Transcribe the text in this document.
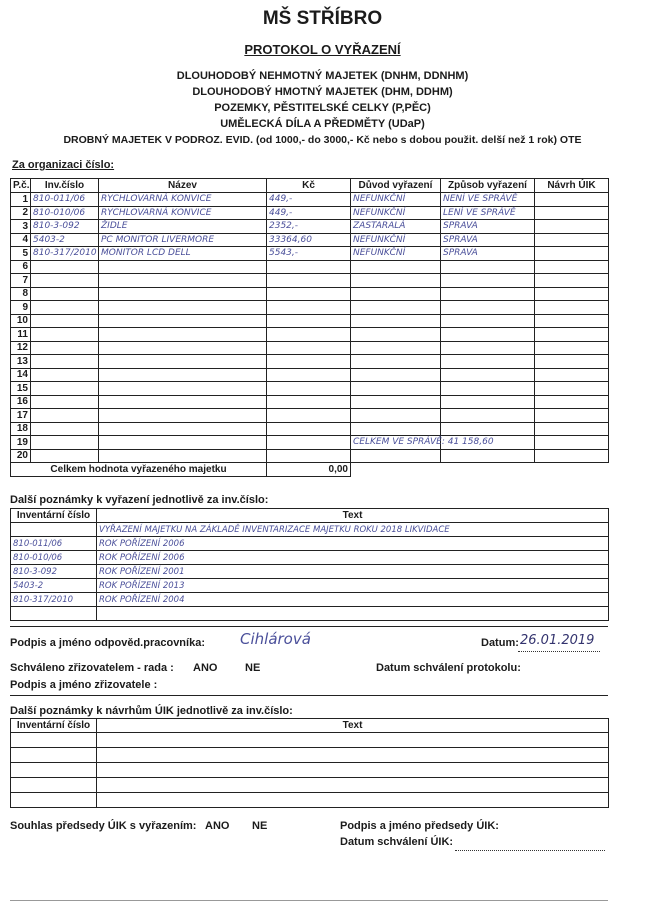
MŠ STŘÍBRO
PROTOKOL O VYŘAZENÍ
DLOUHODOBÝ NEHMOTNÝ MAJETEK (DNHM, DDNHM)
DLOUHODOBÝ HMOTNÝ MAJETEK (DHM, DDHM)
POZEMKY, PĚSTITELSKÉ CELKY (P,PĚC)
UMĚLECKÁ DÍLA A PŘEDMĚTY (UDaP)
DROBNÝ MAJETEK V PODROZ. EVID. (od 1000,- do 3000,- Kč nebo s dobou použit. delší než 1 rok) OTE
Za organizaci číslo:
P.č.	Inv.číslo	Název	Kč	Důvod vyřazení	Způsob vyřazení	Návrh ÚIK
1	810-011/06	RYCHLOVARNÁ KONVICE	449,-	NEFUNKČNÍ	NENÍ VE SPRÁVĚ	
2	810-010/06	RYCHLOVARNÁ KONVICE	449,-	NEFUNKČNÍ	LENÍ VE SPRÁVĚ	
3	810-3-092	ŽIDLE	2352,-	ZASTARALÁ	SPRAVA	
4	5403-2	PC MONITOR LIVERMORE	33364,60	NEFUNKČNÍ	SPRAVA	
5	810-317/2010	MONITOR LCD DELL	5543,-	NEFUNKČNÍ	SPRAVA	
6						
7						
8						
9						
10						
11						
12						
13						
14						
15						
16						
17						
18						
19				CELKEM VE SPRÁVĚ: 41 158,60		
20						
Celkem hodnota vyřazeného majetku			0,00			
Další poznámky k vyřazení jednotlivě za inv.číslo:
Inventární číslo	Text
	VYŘAZENÍ MAJETKU NA ZÁKLADĚ INVENTARIZACE MAJETKU ROKU 2018 LIKVIDACE
810-011/06	ROK POŘÍZENÍ 2006
810-010/06	ROK POŘÍZENÍ 2006
810-3-092	ROK POŘÍZENÍ 2001
5403-2	ROK POŘÍZENÍ 2013
810-317/2010	ROK POŘÍZENÍ 2004

Podpis a jméno odpověd.pracovníka: Cihlárová	Datum: 26.01.2019
Schváleno zřizovatelem - rada : ANO	NE	Datum schválení protokolu:
Podpis a jméno zřizovatele :
Další poznámky k návrhům ÚIK jednotlivě za inv.číslo:
Inventární číslo	Text

Souhlas předsedy ÚIK s vyřazením: ANO NE	Podpis a jméno předsedy ÚIK:
Datum schválení ÚIK:
